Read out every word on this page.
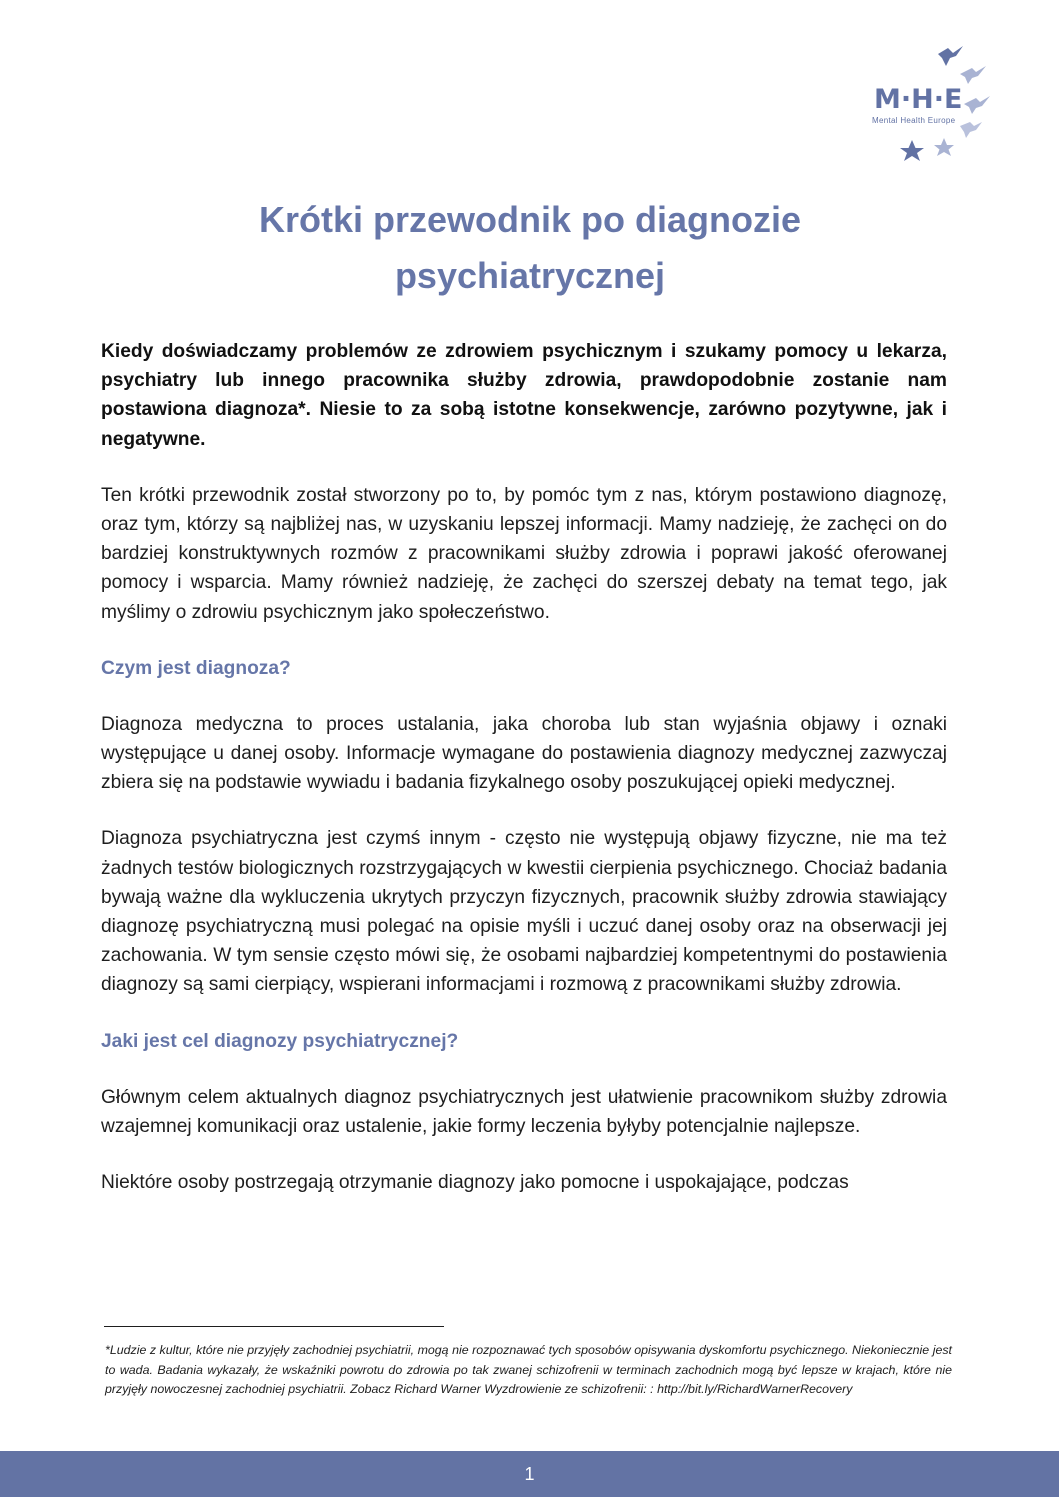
M·H·E
Mental Health Europe
Krótki przewodnik po diagnozie
psychiatrycznej

Kiedy doświadczamy problemów ze zdrowiem psychicznym i szukamy pomocy u lekarza, psychiatry lub innego pracownika służby zdrowia, prawdopodobnie zostanie nam postawiona diagnoza*. Niesie to za sobą istotne konsekwencje, zarówno pozytywne, jak i negatywne.

Ten krótki przewodnik został stworzony po to, by pomóc tym z nas, którym postawiono diagnozę, oraz tym, którzy są najbliżej nas, w uzyskaniu lepszej informacji. Mamy nadzieję, że zachęci on do bardziej konstruktywnych rozmów z pracownikami służby zdrowia i poprawi jakość oferowanej pomocy i wsparcia. Mamy również nadzieję, że zachęci do szerszej debaty na temat tego, jak myślimy o zdrowiu psychicznym jako społeczeństwo.

Czym jest diagnoza?

Diagnoza medyczna to proces ustalania, jaka choroba lub stan wyjaśnia objawy i oznaki występujące u danej osoby. Informacje wymagane do postawienia diagnozy medycznej zazwyczaj zbiera się na podstawie wywiadu i badania fizykalnego osoby poszukującej opieki medycznej.

Diagnoza psychiatryczna jest czymś innym - często nie występują objawy fizyczne, nie ma też żadnych testów biologicznych rozstrzygających w kwestii cierpienia psychicznego. Chociaż badania bywają ważne dla wykluczenia ukrytych przyczyn fizycznych, pracownik służby zdrowia stawiający diagnozę psychiatryczną musi polegać na opisie myśli i uczuć danej osoby oraz na obserwacji jej zachowania. W tym sensie często mówi się, że osobami najbardziej kompetentnymi do postawienia diagnozy są sami cierpiący, wspierani informacjami i rozmową z pracownikami służby zdrowia.

Jaki jest cel diagnozy psychiatrycznej?

Głównym celem aktualnych diagnoz psychiatrycznych jest ułatwienie pracownikom służby zdrowia wzajemnej komunikacji oraz ustalenie, jakie formy leczenia byłyby potencjalnie najlepsze.

Niektóre osoby postrzegają otrzymanie diagnozy jako pomocne i uspokajające, podczas

*Ludzie z kultur, które nie przyjęły zachodniej psychiatrii, mogą nie rozpoznawać tych sposobów opisywania dyskomfortu psychicznego. Niekoniecznie jest to wada. Badania wykazały, że wskaźniki powrotu do zdrowia po tak zwanej schizofrenii w terminach zachodnich mogą być lepsze w krajach, które nie przyjęły nowoczesnej zachodniej psychiatrii. Zobacz Richard Warner Wyzdrowienie ze schizofrenii: : http://bit.ly/RichardWarnerRecovery

1
